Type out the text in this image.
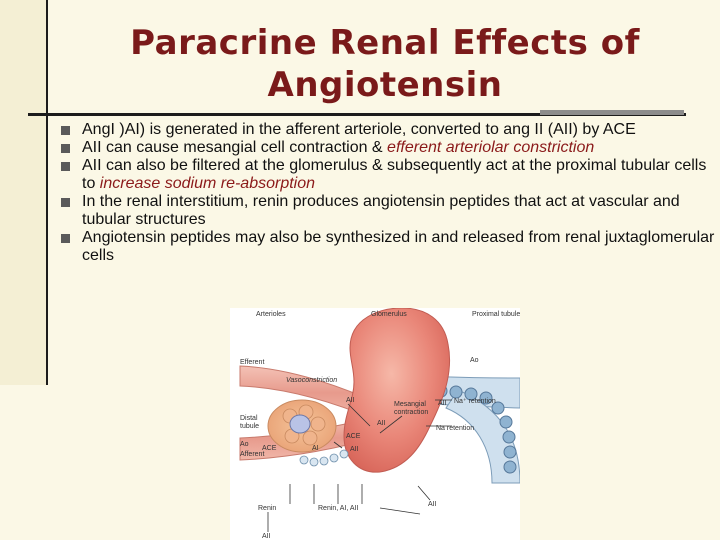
Paracrine Renal Effects of
Angiotensin
AngI )AI) is generated in the afferent arteriole, converted to ang II (AII) by ACE
AII can cause mesangial cell contraction & efferent arteriolar constriction
AII can also be filtered at the glomerulus & subsequently act at the proximal tubular cells to increase sodium re-absorption
In the renal interstitium, renin produces angiotensin peptides that act at vascular and tubular structures
Angiotensin peptides may also be synthesized in and released from renal juxtaglomerular cells
Arterioles	Glomerulus	Proximal tubule
Efferent
Vasoconstriction
AII
Distal
tubule
Mesangial
contraction
AII
Ao
AII Na⁺ retention
Na retention
Ao
Afferent
ACE	AI
ACE
AII
Renin	Renin, AI, AII
AII
AII
